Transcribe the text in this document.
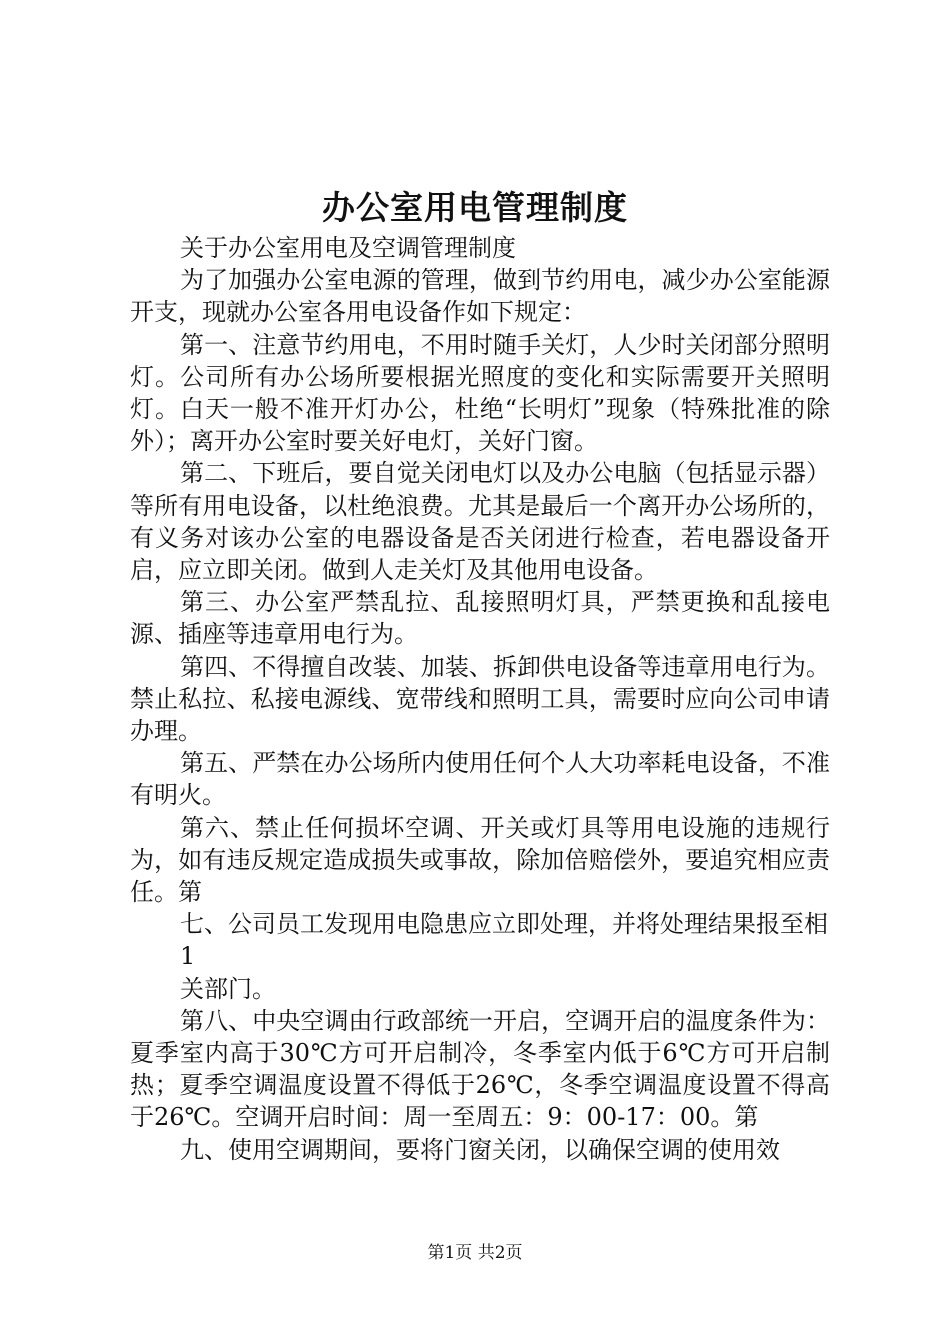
办公室用电管理制度

关于办公室用电及空调管理制度

为了加强办公室电源的管理，做到节约用电，减少办公室能源开支，现就办公室各用电设备作如下规定：

第一、注意节约用电，不用时随手关灯，人少时关闭部分照明灯。公司所有办公场所要根据光照度的变化和实际需要开关照明灯。白天一般不准开灯办公，杜绝“长明灯”现象（特殊批准的除外）；离开办公室时要关好电灯，关好门窗。

第二、下班后，要自觉关闭电灯以及办公电脑（包括显示器）等所有用电设备，以杜绝浪费。尤其是最后一个离开办公场所的，有义务对该办公室的电器设备是否关闭进行检查，若电器设备开启，应立即关闭。做到人走关灯及其他用电设备。

第三、办公室严禁乱拉、乱接照明灯具，严禁更换和乱接电源、插座等违章用电行为。

第四、不得擅自改装、加装、拆卸供电设备等违章用电行为。禁止私拉、私接电源线、宽带线和照明工具，需要时应向公司申请办理。

第五、严禁在办公场所内使用任何个人大功率耗电设备，不准有明火。

第六、禁止任何损坏空调、开关或灯具等用电设施的违规行为，如有违反规定造成损失或事故，除加倍赔偿外，要追究相应责任。第

七、公司员工发现用电隐患应立即处理，并将处理结果报至相

1

关部门。

第八、中央空调由行政部统一开启，空调开启的温度条件为：夏季室内高于30℃方可开启制冷，冬季室内低于6℃方可开启制热；夏季空调温度设置不得低于26℃，冬季空调温度设置不得高于26℃。空调开启时间：周一至周五：9：00-17：00。第

九、使用空调期间，要将门窗关闭，以确保空调的使用效

第1页 共2页
